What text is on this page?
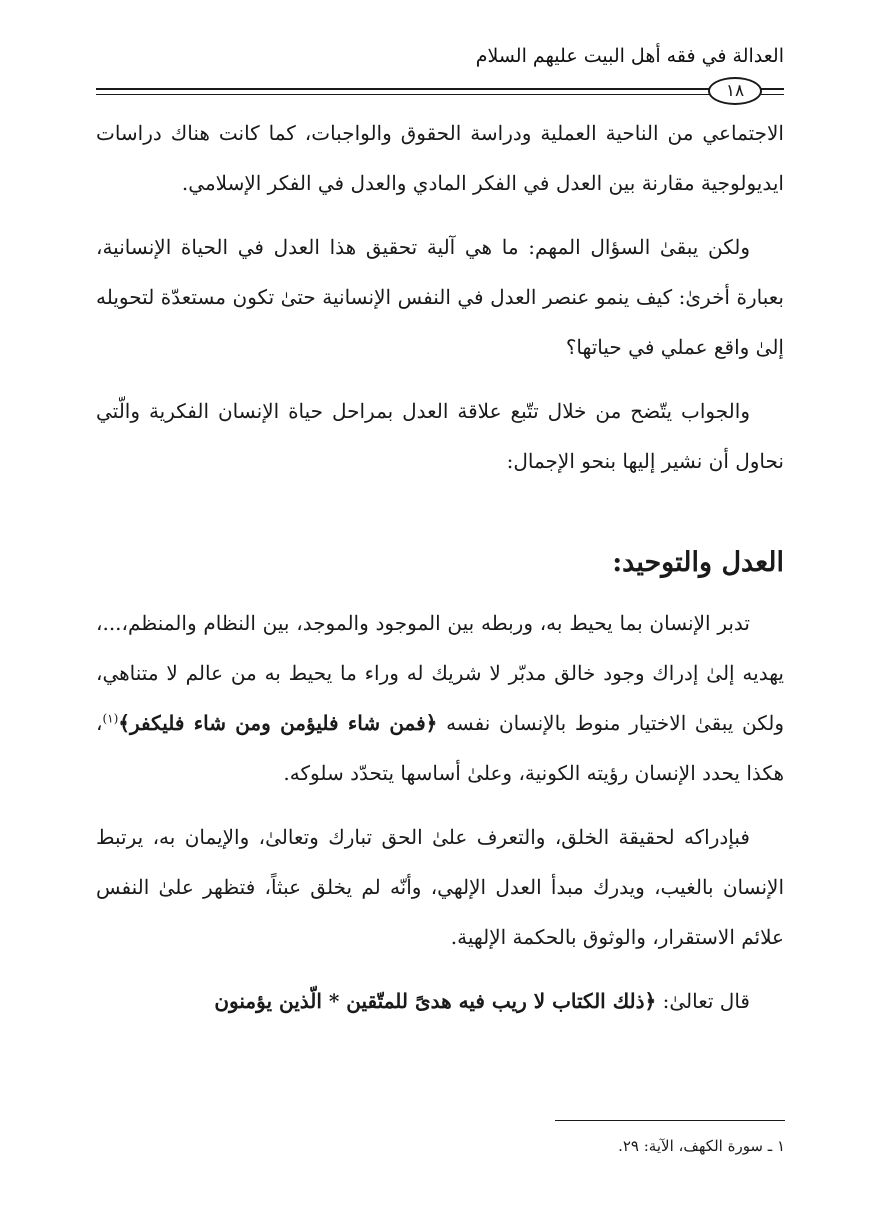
العدالة في فقه أهل البيت عليهم السلام
١٨

الاجتماعي من الناحية العملية ودراسة الحقوق والواجبات، كما كانت هناك دراسات ايديولوجية مقارنة بين العدل في الفكر المادي والعدل في الفكر الإسلامي.

ولكن يبقىٰ السؤال المهم: ما هي آلية تحقيق هذا العدل في الحياة الإنسانية، بعبارة أخرىٰ: كيف ينمو عنصر العدل في النفس الإنسانية حتىٰ تكون مستعدّة لتحويله إلىٰ واقع عملي في حياتها؟

والجواب يتّضح من خلال تتّبع علاقة العدل بمراحل حياة الإنسان الفكرية والّتي نحاول أن نشير إليها بنحو الإجمال:

العدل والتوحيد:

تدبر الإنسان بما يحيط به، وربطه بين الموجود والموجد، بين النظام والمنظم،...، يهديه إلىٰ إدراك وجود خالق مدبّر لا شريك له وراء ما يحيط به من عالم لا متناهي، ولكن يبقىٰ الاختيار منوط بالإنسان نفسه ﴿فمن شاء فليؤمن ومن شاء فليكفر﴾$^{(١)}$، هكذا يحدد الإنسان رؤيته الكونية، وعلىٰ أساسها يتحدّد سلوكه.

فبإدراكه لحقيقة الخلق، والتعرف علىٰ الحق تبارك وتعالىٰ، والإيمان به، يرتبط الإنسان بالغيب، ويدرك مبدأ العدل الإلهي، وأنّه لم يخلق عبثاً، فتظهر علىٰ النفس علائم الاستقرار، والوثوق بالحكمة الإلهية.

قال تعالىٰ: ﴿ذلك الكتاب لا ريب فيه هدىً للمتّقين * الّذين يؤمنون

١ ـ سورة الكهف، الآية: ٢٩.
